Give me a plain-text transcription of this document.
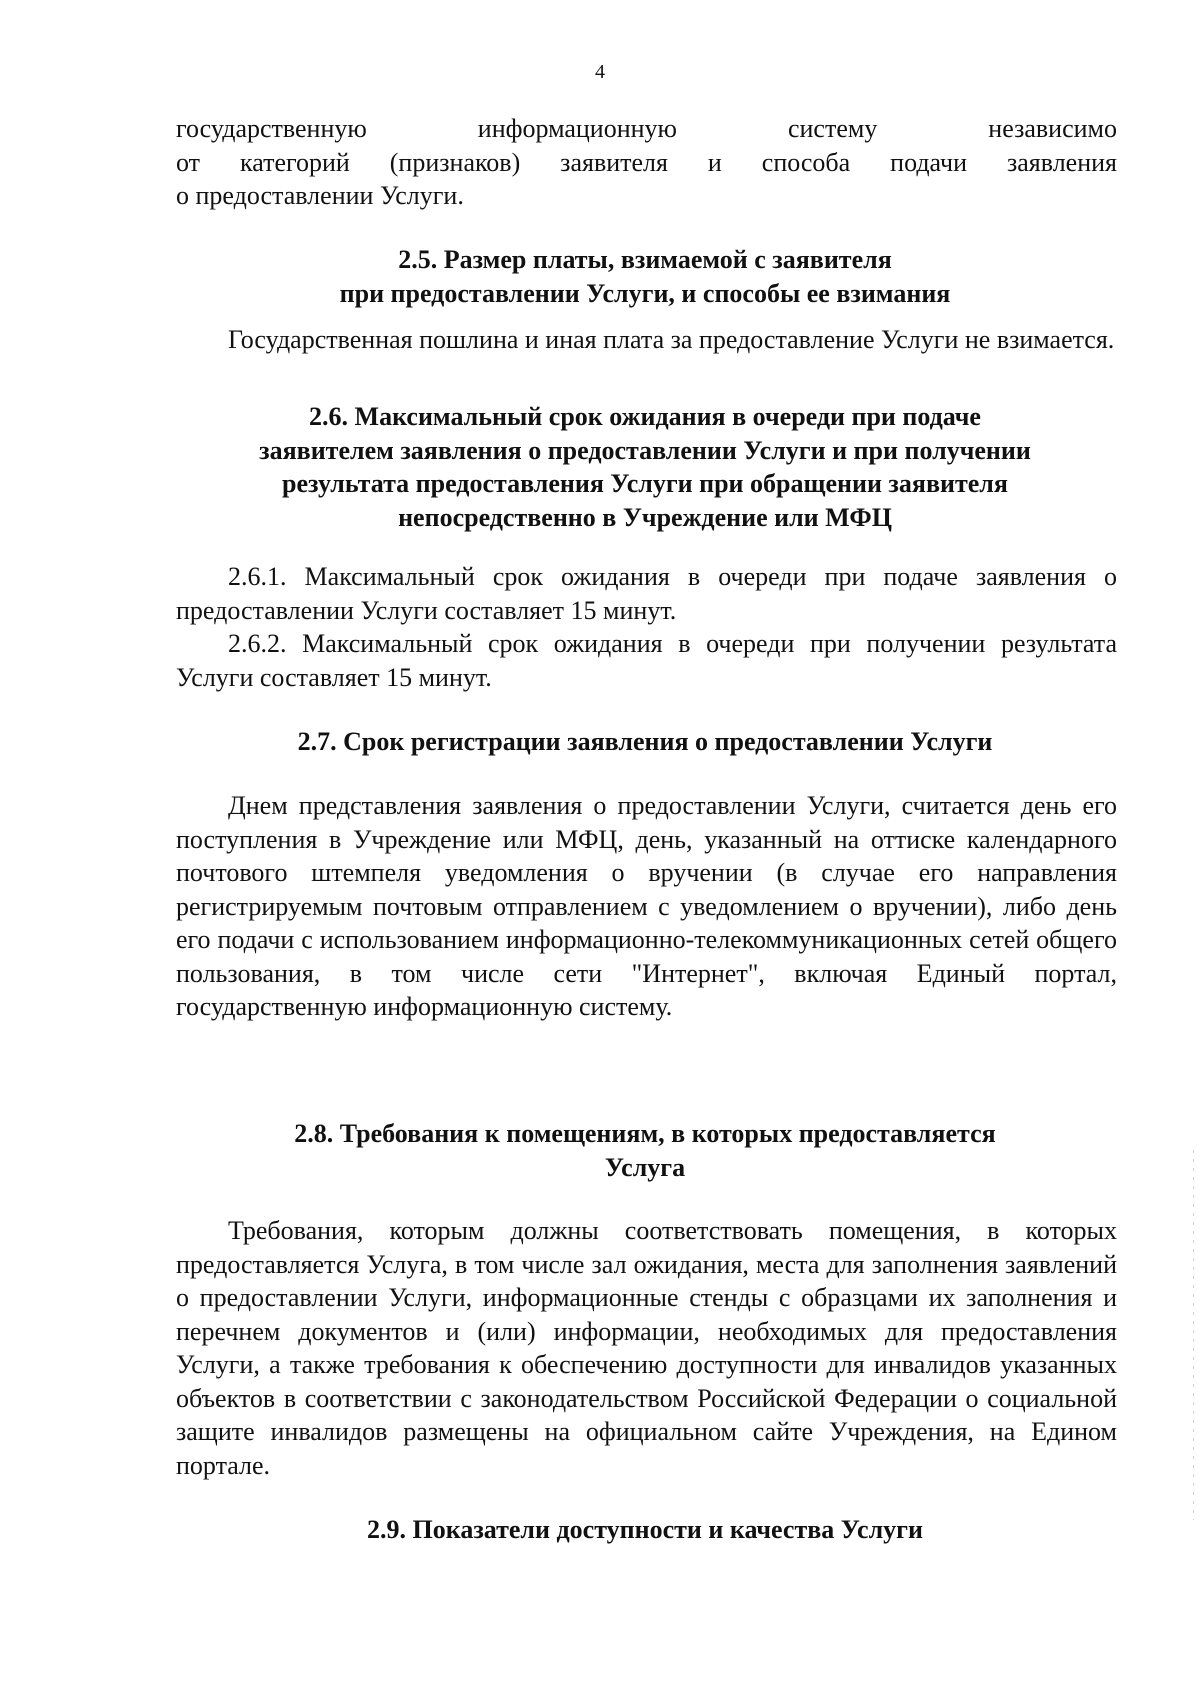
4
государственную информационную систему независимо
от категорий (признаков) заявителя и способа подачи заявления
о предоставлении Услуги.
2.5. Размер платы, взимаемой с заявителя
при предоставлении Услуги, и способы ее взимания

Государственная пошлина и иная плата за предоставление Услуги не взимается.

2.6. Максимальный срок ожидания в очереди при подаче
заявителем заявления о предоставлении Услуги и при получении
результата предоставления Услуги при обращении заявителя
непосредственно в Учреждение или МФЦ

2.6.1. Максимальный срок ожидания в очереди при подаче заявления о предоставлении Услуги составляет 15 минут.

2.6.2. Максимальный срок ожидания в очереди при получении результата Услуги составляет 15 минут.

2.7. Срок регистрации заявления о предоставлении Услуги

Днем представления заявления о предоставлении Услуги, считается день его поступления в Учреждение или МФЦ, день, указанный на оттиске календарного почтового штемпеля уведомления о вручении (в случае его направления регистрируемым почтовым отправлением с уведомлением о вручении), либо день его подачи с использованием информационно-телекоммуникационных сетей общего пользования, в том числе сети "Интернет", включая Единый портал, государственную информационную систему.

2.8. Требования к помещениям, в которых предоставляется
Услуга

Требования, которым должны соответствовать помещения, в которых предоставляется Услуга, в том числе зал ожидания, места для заполнения заявлений о предоставлении Услуги, информационные стенды с образцами их заполнения и перечнем документов и (или) информации, необходимых для предоставления Услуги, а также требования к обеспечению доступности для инвалидов указанных объектов в соответствии с законодательством Российской Федерации о социальной защите инвалидов размещены на официальном сайте Учреждения, на Едином портале.

2.9. Показатели доступности и качества Услуги
